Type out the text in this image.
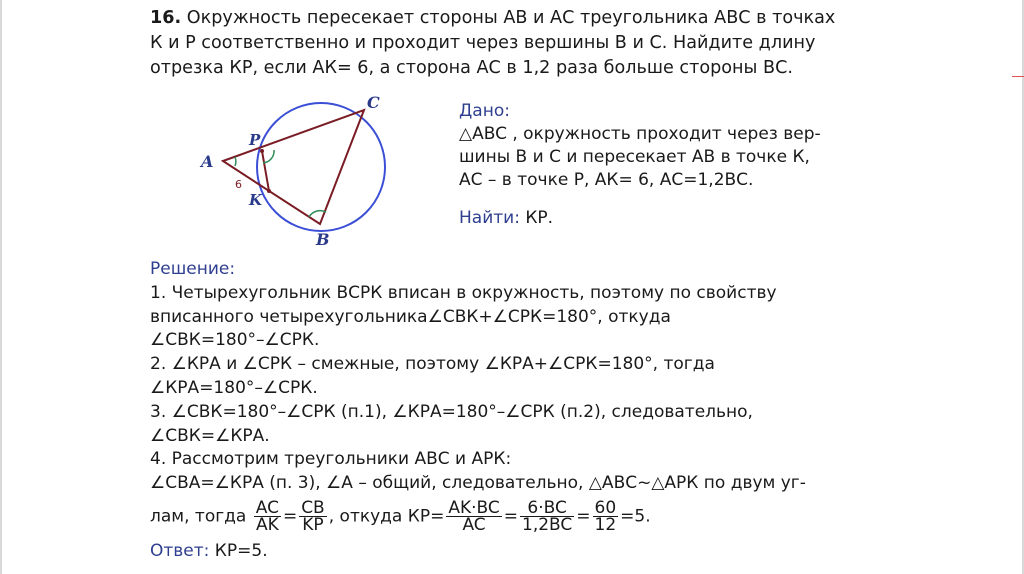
16. Окружность пересекает стороны АВ и АС треугольника АВС в точках
К и Р соответственно и проходит через вершины В и С. Найдите длину
отрезка КР, если АК= 6, а сторона АС в 1,2 раза больше стороны ВС.
A
C
B
P
K
6
Дано:
△ABC , окружность проходит через вер-
шины В и С и пересекает АВ в точке К,
АС – в точке Р, АК= 6, АС=1,2ВС.
Найти: КР.
Решение:
1. Четырехугольник ВСРК вписан в окружность, поэтому по свойству
вписанного четырехугольника∠СВК+∠СРК=180°, откуда
∠СВК=180°–∠СРК.
2. ∠КРА и ∠СРК – смежные, поэтому ∠КРА+∠СРК=180°, тогда
∠КРА=180°–∠СРК.
3. ∠СВК=180°–∠СРК (п.1), ∠КРА=180°–∠СРК (п.2), следовательно,
∠СВК=∠КРА.
4. Рассмотрим треугольники АВС и АРК:
∠СВА=∠КРА (п. 3), ∠А – общий, следовательно, △АВС~△АРК по двум уг-
лам, тогда $\frac{AC}{AK} = \frac{CB}{KP}$ , откуда $КР= \frac{AK\cdot BC}{AC} = \frac{6\cdot BC}{1,2BC} = \frac{60}{12} =5$.
Ответ: КР=5.
